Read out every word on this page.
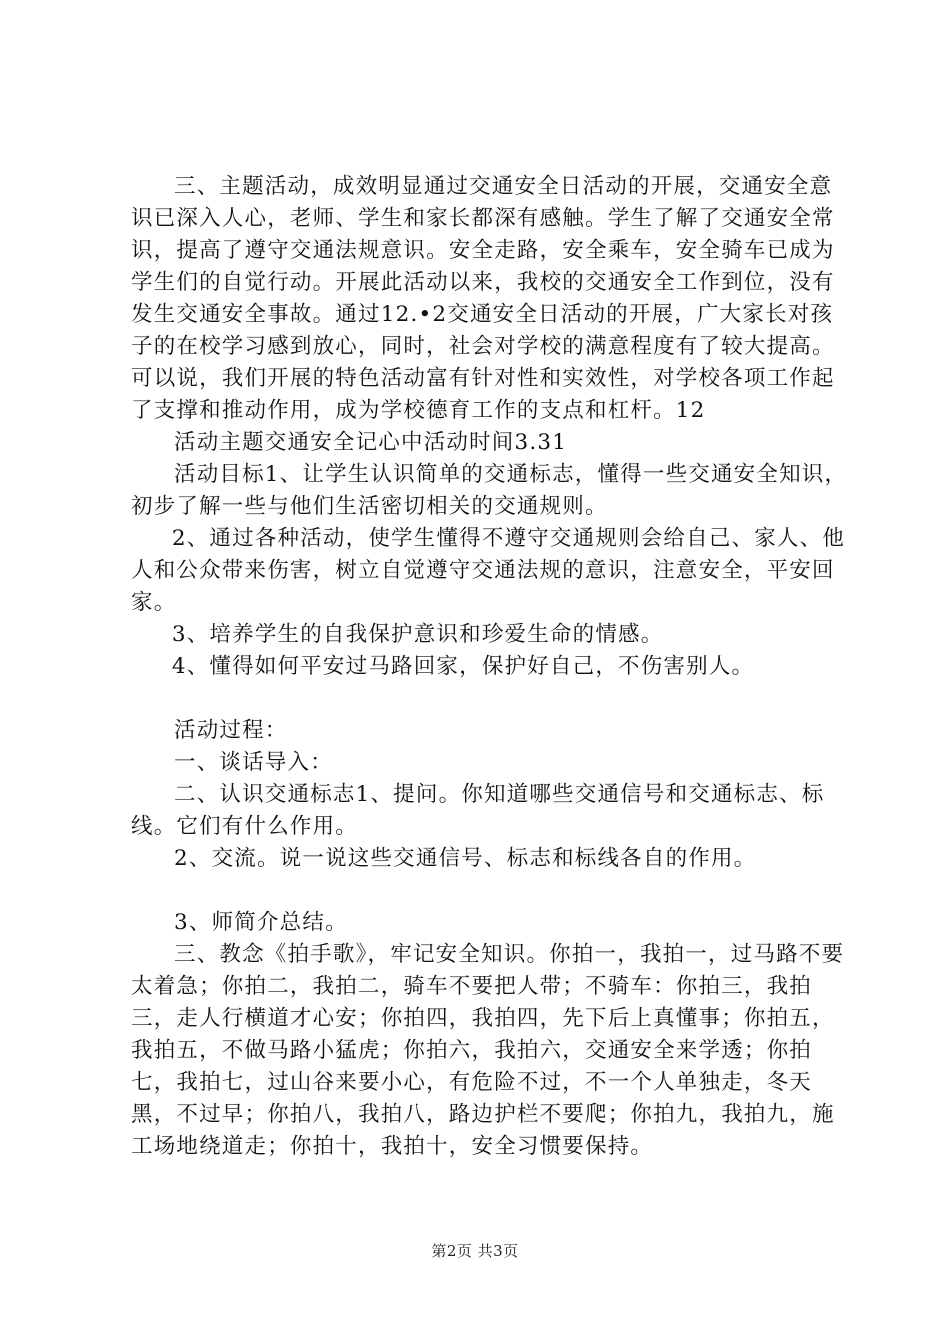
三、主题活动，成效明显通过交通安全日活动的开展，交通安全意识已深入人心，老师、学生和家长都深有感触。学生了解了交通安全常识，提高了遵守交通法规意识。安全走路，安全乘车，安全骑车已成为学生们的自觉行动。开展此活动以来，我校的交通安全工作到位，没有发生交通安全事故。通过12.•2交通安全日活动的开展，广大家长对孩子的在校学习感到放心，同时，社会对学校的满意程度有了较大提高。可以说，我们开展的特色活动富有针对性和实效性，对学校各项工作起了支撑和推动作用，成为学校德育工作的支点和杠杆。12

活动主题交通安全记心中活动时间3.31

活动目标1、让学生认识简单的交通标志，懂得一些交通安全知识，初步了解一些与他们生活密切相关的交通规则。

2、通过各种活动，使学生懂得不遵守交通规则会给自己、家人、他人和公众带来伤害，树立自觉遵守交通法规的意识，注意安全，平安回家。

3、培养学生的自我保护意识和珍爱生命的情感。

4、懂得如何平安过马路回家，保护好自己，不伤害别人。

活动过程：

一、谈话导入：

二、认识交通标志1、提问。你知道哪些交通信号和交通标志、标线。它们有什么作用。

2、交流。说一说这些交通信号、标志和标线各自的作用。

3、师简介总结。

三、教念《拍手歌》，牢记安全知识。你拍一，我拍一，过马路不要太着急；你拍二，我拍二，骑车不要把人带；不骑车：你拍三，我拍三，走人行横道才心安；你拍四，我拍四，先下后上真懂事；你拍五，我拍五，不做马路小猛虎；你拍六，我拍六，交通安全来学透；你拍七，我拍七，过山谷来要小心，有危险不过，不一个人单独走，冬天黑，不过早；你拍八，我拍八，路边护栏不要爬；你拍九，我拍九，施工场地绕道走；你拍十，我拍十，安全习惯要保持。

第2页 共3页
